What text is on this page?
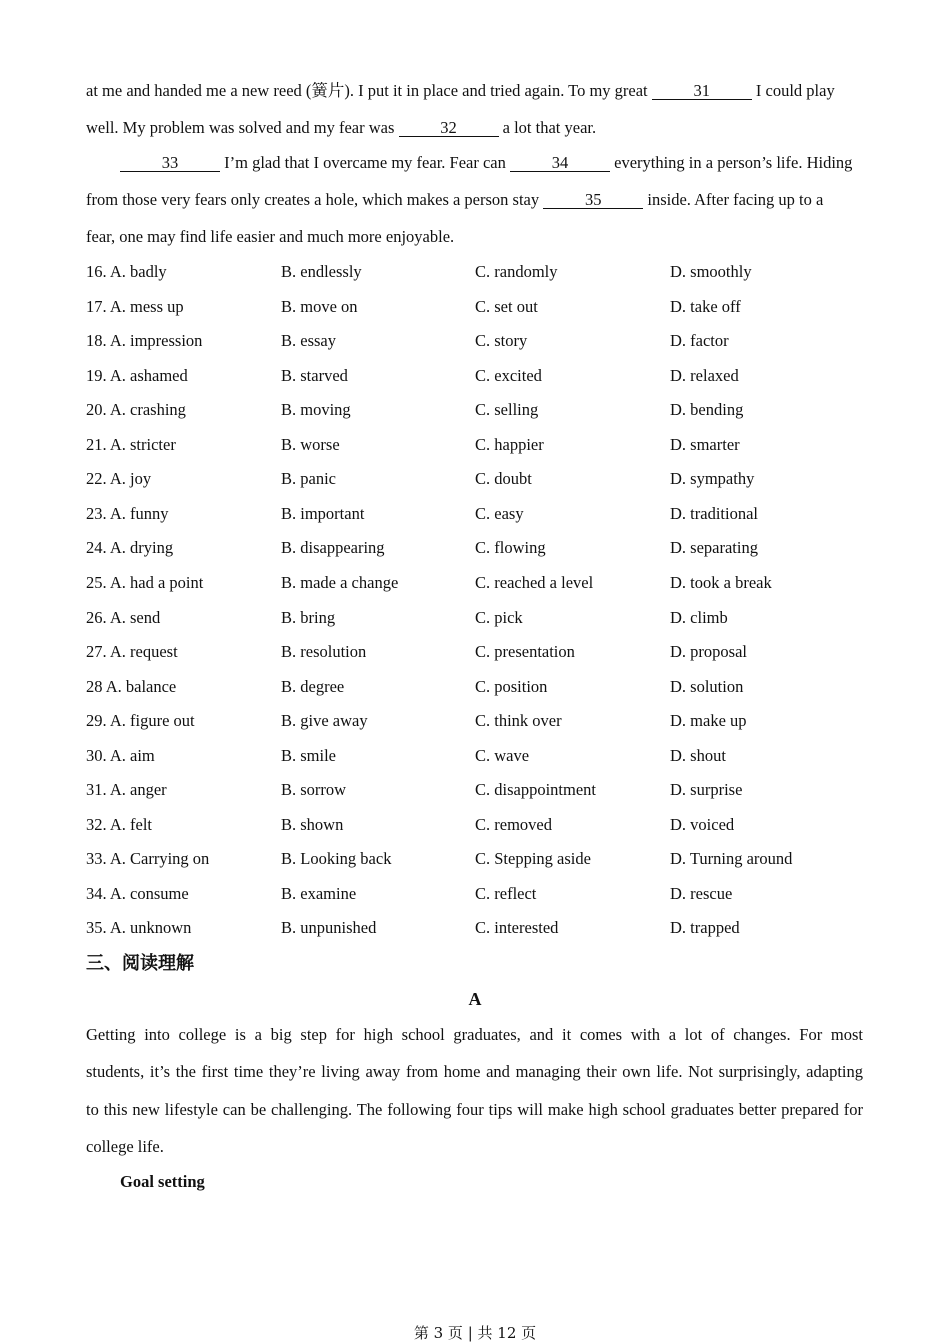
at me and handed me a new reed (簧片). I put it in place and tried again. To my great	31	I could play
well. My problem was solved and my fear was	32	a lot that year.
33	I’m glad that I overcame my fear. Fear can	34	everything in a person’s life. Hiding
from those very fears only creates a hole, which makes a person stay	35	inside. After facing up to a
fear, one may find life easier and much more enjoyable.
16. A. badly	B. endlessly	C. randomly	D. smoothly
17. A. mess up	B. move on	C. set out	D. take off
18. A. impression	B. essay	C. story	D. factor
19. A. ashamed	B. starved	C. excited	D. relaxed
20. A. crashing	B. moving	C. selling	D. bending
21. A. stricter	B. worse	C. happier	D. smarter
22. A. joy	B. panic	C. doubt	D. sympathy
23. A. funny	B. important	C. easy	D. traditional
24. A. drying	B. disappearing	C. flowing	D. separating
25. A. had a point	B. made a change	C. reached a level	D. took a break
26. A. send	B. bring	C. pick	D. climb
27. A. request	B. resolution	C. presentation	D. proposal
28 A. balance	B. degree	C. position	D. solution
29. A. figure out	B. give away	C. think over	D. make up
30. A. aim	B. smile	C. wave	D. shout
31. A. anger	B. sorrow	C. disappointment	D. surprise
32. A. felt	B. shown	C. removed	D. voiced
33. A. Carrying on	B. Looking back	C. Stepping aside	D. Turning around
34. A. consume	B. examine	C. reflect	D. rescue
35. A. unknown	B. unpunished	C. interested	D. trapped
三、阅读理解
A
Getting into college is a big step for high school graduates, and it comes with a lot of changes. For most
students, it’s the first time they’re living away from home and managing their own life. Not surprisingly, adapting
to this new lifestyle can be challenging. The following four tips will make high school graduates better prepared for
college life.
Goal setting
第 3 页 | 共 12 页
